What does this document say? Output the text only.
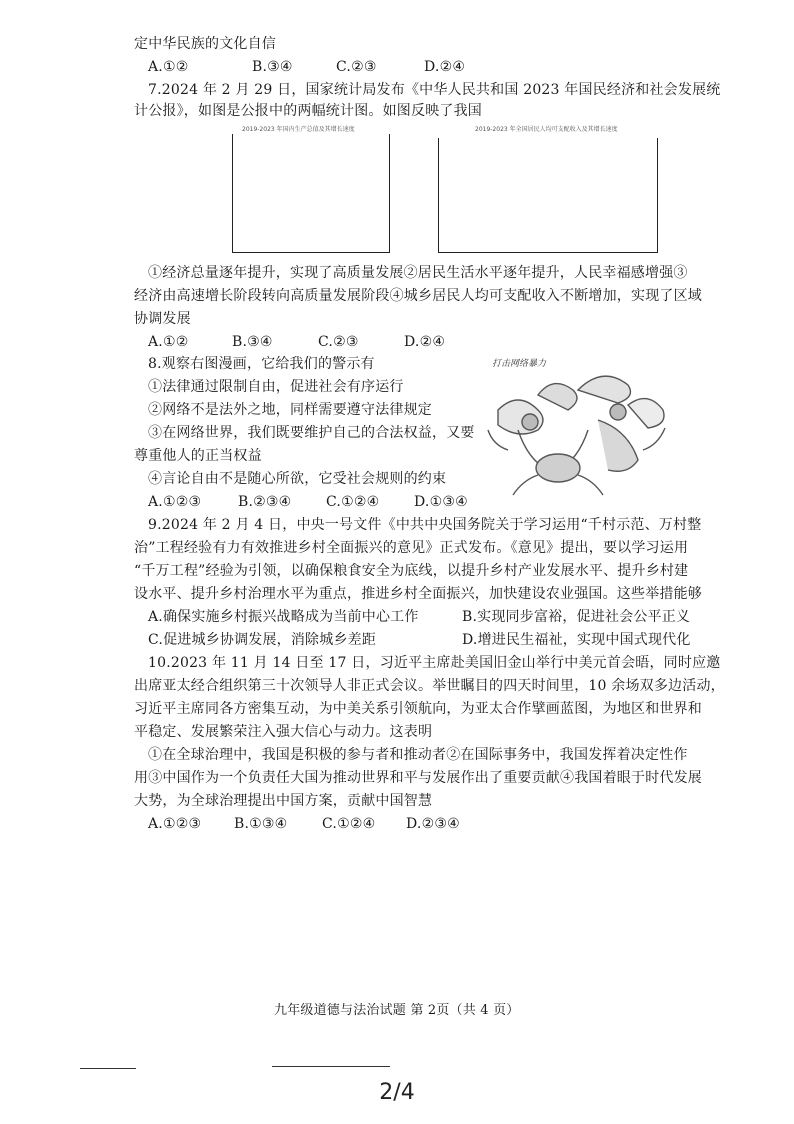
定中华民族的文化自信
A.①②	B.③④	C.②③	D.②④
7.2024 年 2 月 29 日，国家统计局发布《中华人民共和国 2023 年国民经济和社会发展统
计公报》，如图是公报中的两幅统计图。如图反映了我国
2019-2023 年国内生产总值及其增长速度	2019-2023 年全国居民人均可支配收入及其增长速度
①经济总量逐年提升，实现了高质量发展②居民生活水平逐年提升，人民幸福感增强③
经济由高速增长阶段转向高质量发展阶段④城乡居民人均可支配收入不断增加，实现了区域
协调发展
A.①②	B.③④	C.②③	D.②④
8.观察右图漫画，它给我们的警示有
①法律通过限制自由，促进社会有序运行
②网络不是法外之地，同样需要遵守法律规定
③在网络世界，我们既要维护自己的合法权益，又要
尊重他人的正当权益
④言论自由不是随心所欲，它受社会规则的约束
A.①②③	B.②③④ C.①②④ D.①③④
打击网络暴力
9.2024 年 2 月 4 日，中央一号文件《中共中央国务院关于学习运用“千村示范、万村整
治”工程经验有力有效推进乡村全面振兴的意见》正式发布。《意见》提出，要以学习运用
“千万工程”经验为引领，以确保粮食安全为底线，以提升乡村产业发展水平、提升乡村建
设水平、提升乡村治理水平为重点，推进乡村全面振兴，加快建设农业强国。这些举措能够
A.确保实施乡村振兴战略成为当前中心工作	B.实现同步富裕，促进社会公平正义
C.促进城乡协调发展，消除城乡差距	D.增进民生福祉，实现中国式现代化
10.2023 年 11 月 14 日至 17 日，习近平主席赴美国旧金山举行中美元首会晤，同时应邀
出席亚太经合组织第三十次领导人非正式会议。举世瞩目的四天时间里，10 余场双多边活动，
习近平主席同各方密集互动，为中美关系引领航向，为亚太合作擘画蓝图，为地区和世界和
平稳定、发展繁荣注入强大信心与动力。这表明
①在全球治理中，我国是积极的参与者和推动者②在国际事务中，我国发挥着决定性作
用③中国作为一个负责任大国为推动世界和平与发展作出了重要贡献④我国着眼于时代发展
大势，为全球治理提出中国方案，贡献中国智慧
A.①②③ B.①③④ C.①②④ D.②③④
九年级道德与法治试题 第 2页（共 4 页）
2/4
